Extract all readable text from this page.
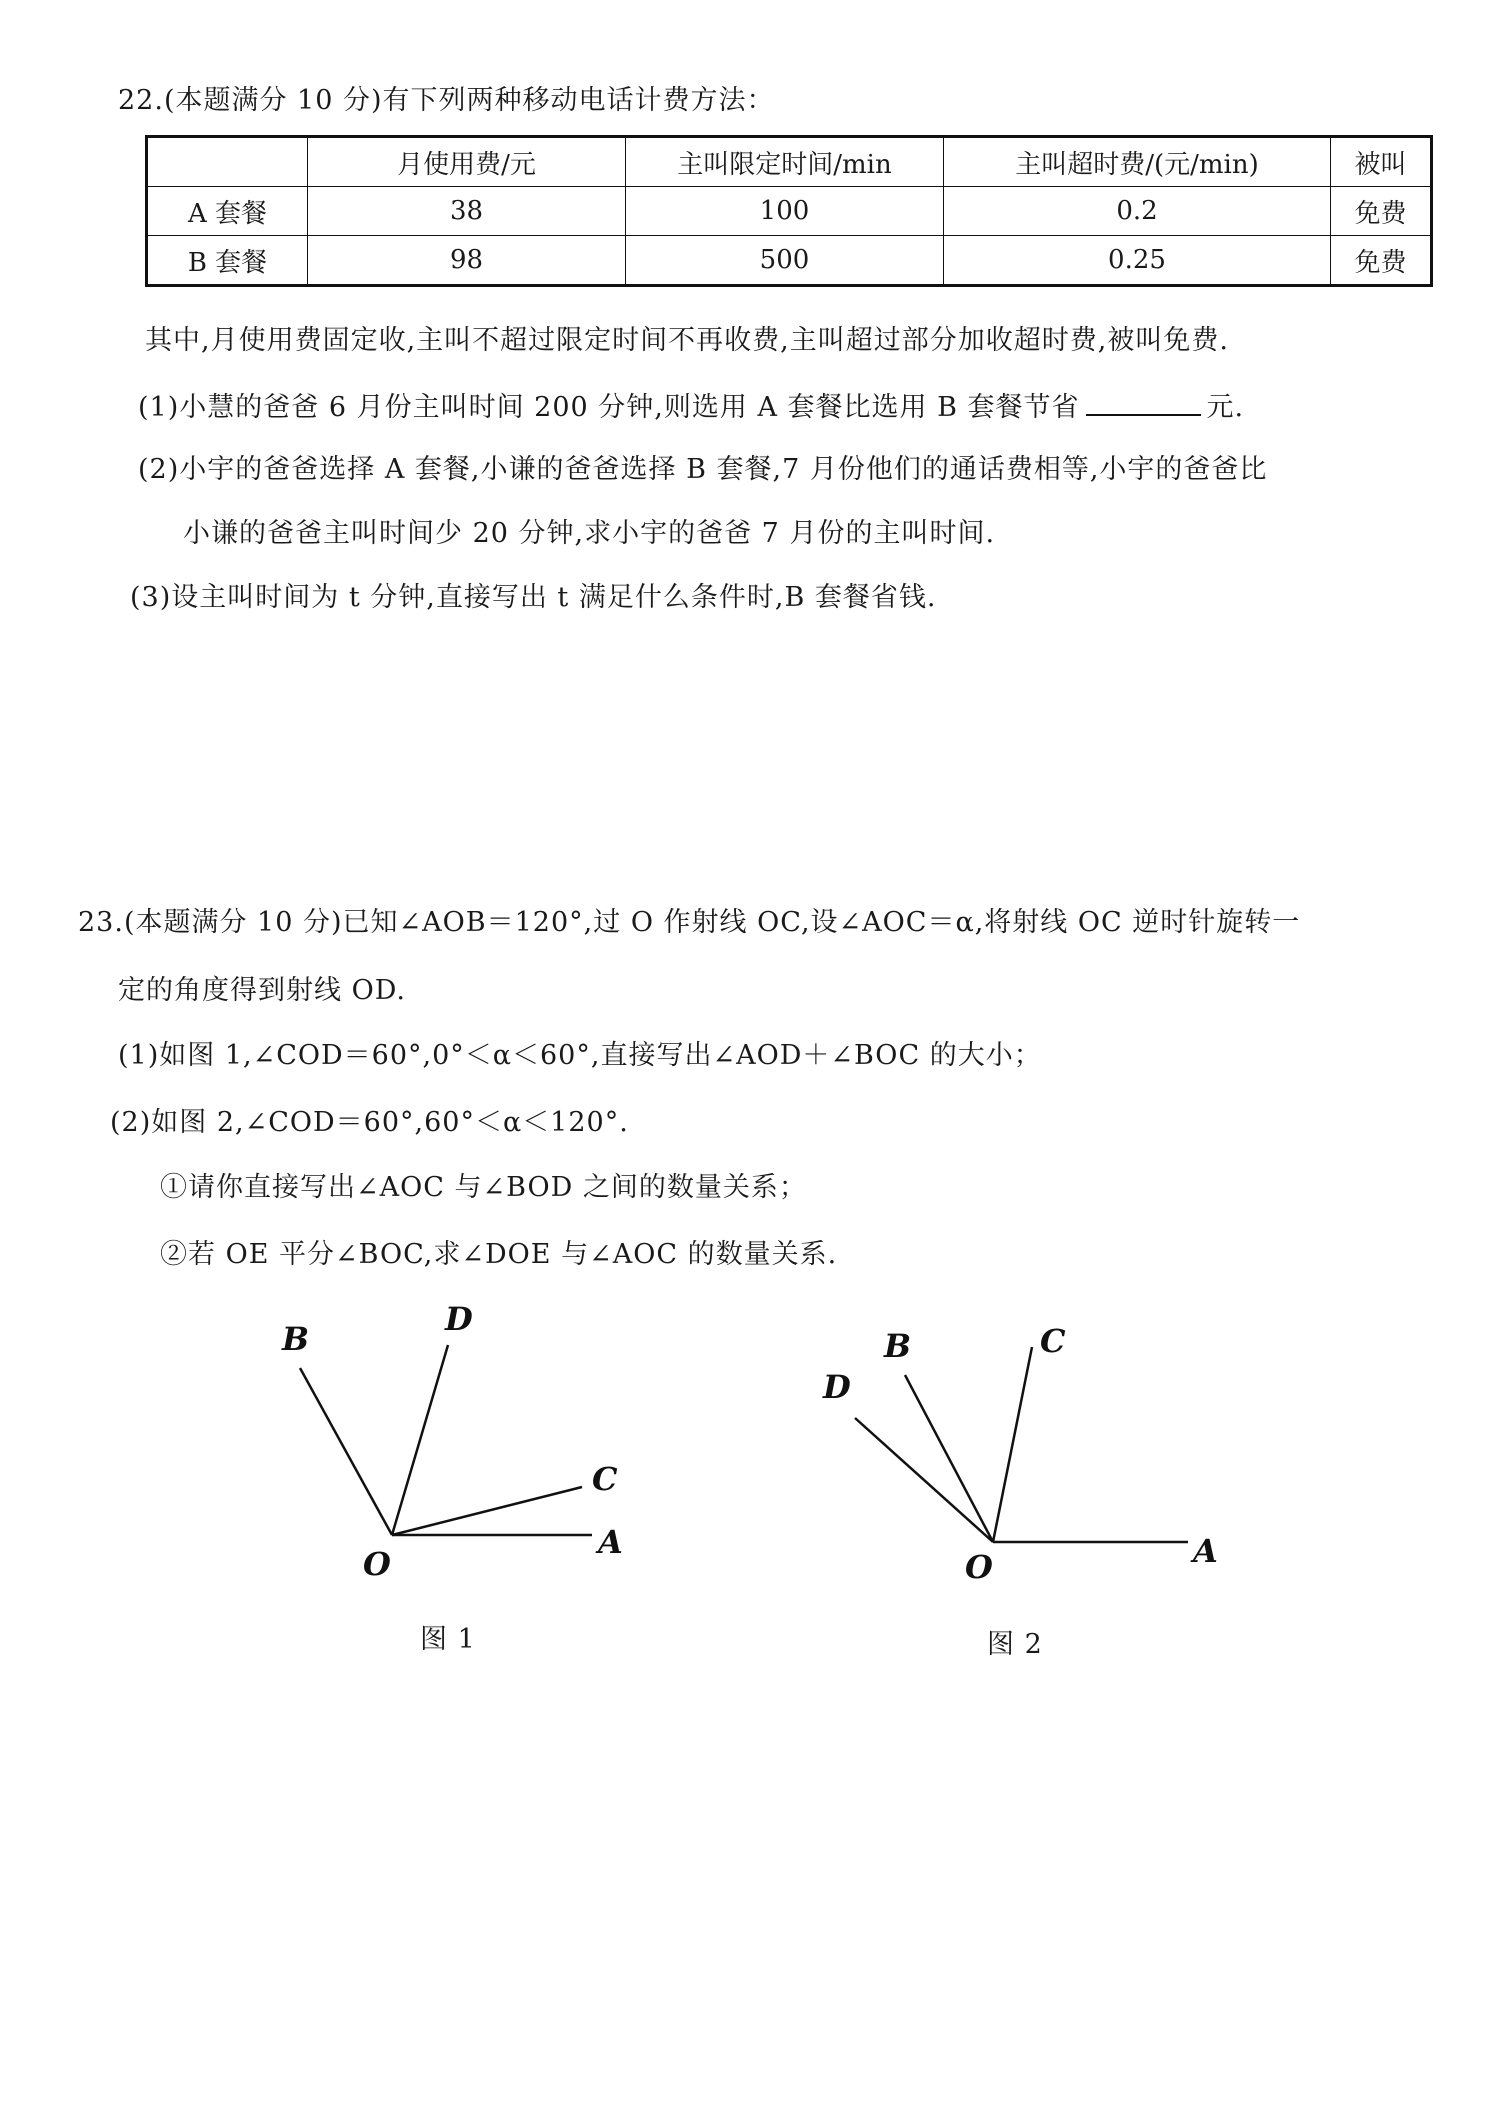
22.(本题满分 10 分)有下列两种移动电话计费方法：
	月使用费/元	主叫限定时间/min	主叫超时费/(元/min)	被叫
A 套餐	38	100	0.2	免费
B 套餐	98	500	0.25	免费
其中,月使用费固定收,主叫不超过限定时间不再收费,主叫超过部分加收超时费,被叫免费.
(1)小慧的爸爸 6 月份主叫时间 200 分钟,则选用 A 套餐比选用 B 套餐节省	元.
(2)小宇的爸爸选择 A 套餐,小谦的爸爸选择 B 套餐,7 月份他们的通话费相等,小宇的爸爸比
小谦的爸爸主叫时间少 20 分钟,求小宇的爸爸 7 月份的主叫时间.
(3)设主叫时间为 t 分钟,直接写出 t 满足什么条件时,B 套餐省钱.
23.(本题满分 10 分)已知∠AOB＝120°,过 O 作射线 OC,设∠AOC＝α,将射线 OC 逆时针旋转一
定的角度得到射线 OD.
(1)如图 1,∠COD＝60°,0°＜α＜60°,直接写出∠AOD＋∠BOC 的大小；
(2)如图 2,∠COD＝60°,60°＜α＜120°.
①请你直接写出∠AOC 与∠BOD 之间的数量关系；
②若 OE 平分∠BOC,求∠DOE 与∠AOC 的数量关系.
B
D
C
A
O
D
B	C
A
O
图 1	图 2
